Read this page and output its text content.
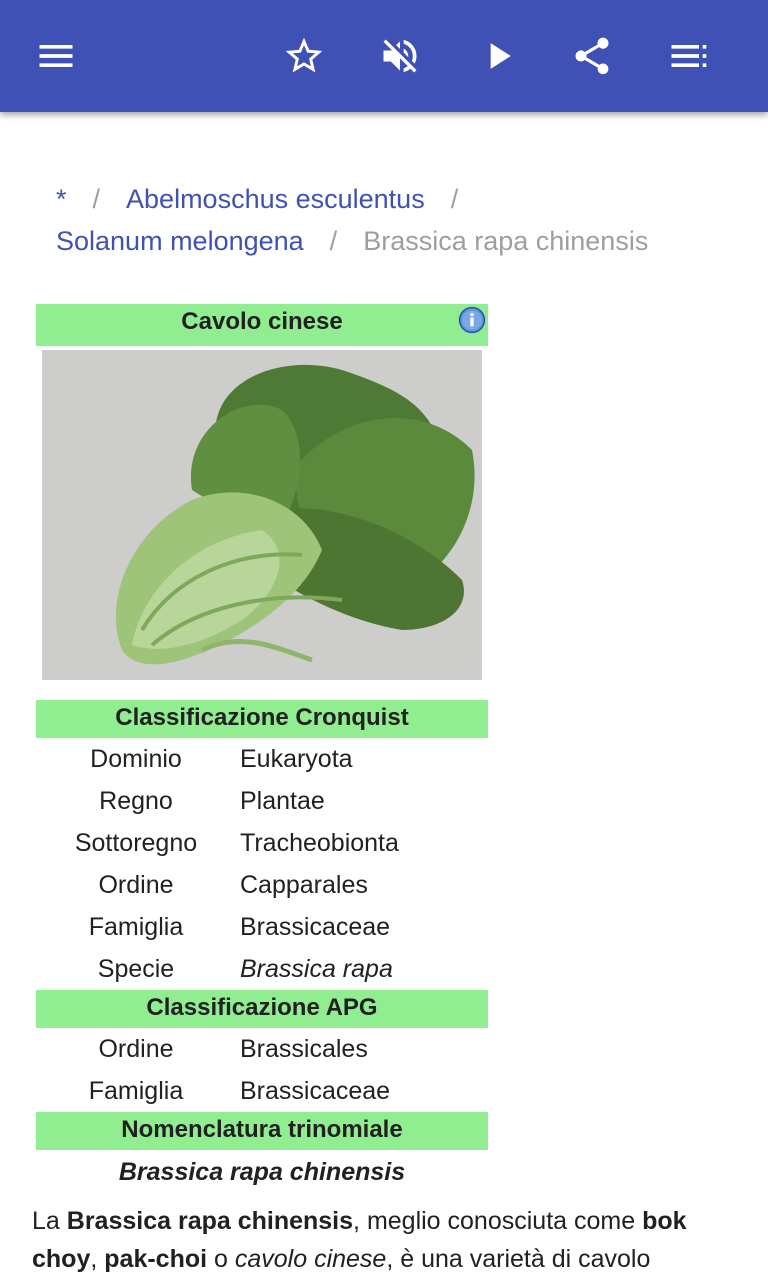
* / Abelmoschus esculentus /
Solanum melongena / Brassica rapa chinensis
Cavolo cinese
Classificazione Cronquist
Dominio	Eukaryota
Regno	Plantae
Sottoregno	Tracheobionta
Ordine	Capparales
Famiglia	Brassicaceae
Specie	Brassica rapa
Classificazione APG
Ordine	Brassicales
Famiglia	Brassicaceae
Nomenclatura trinomiale
Brassica rapa chinensis
La Brassica rapa chinensis, meglio conosciuta come bok choy, pak-choi o cavolo cinese, è una varietà di cavolo
